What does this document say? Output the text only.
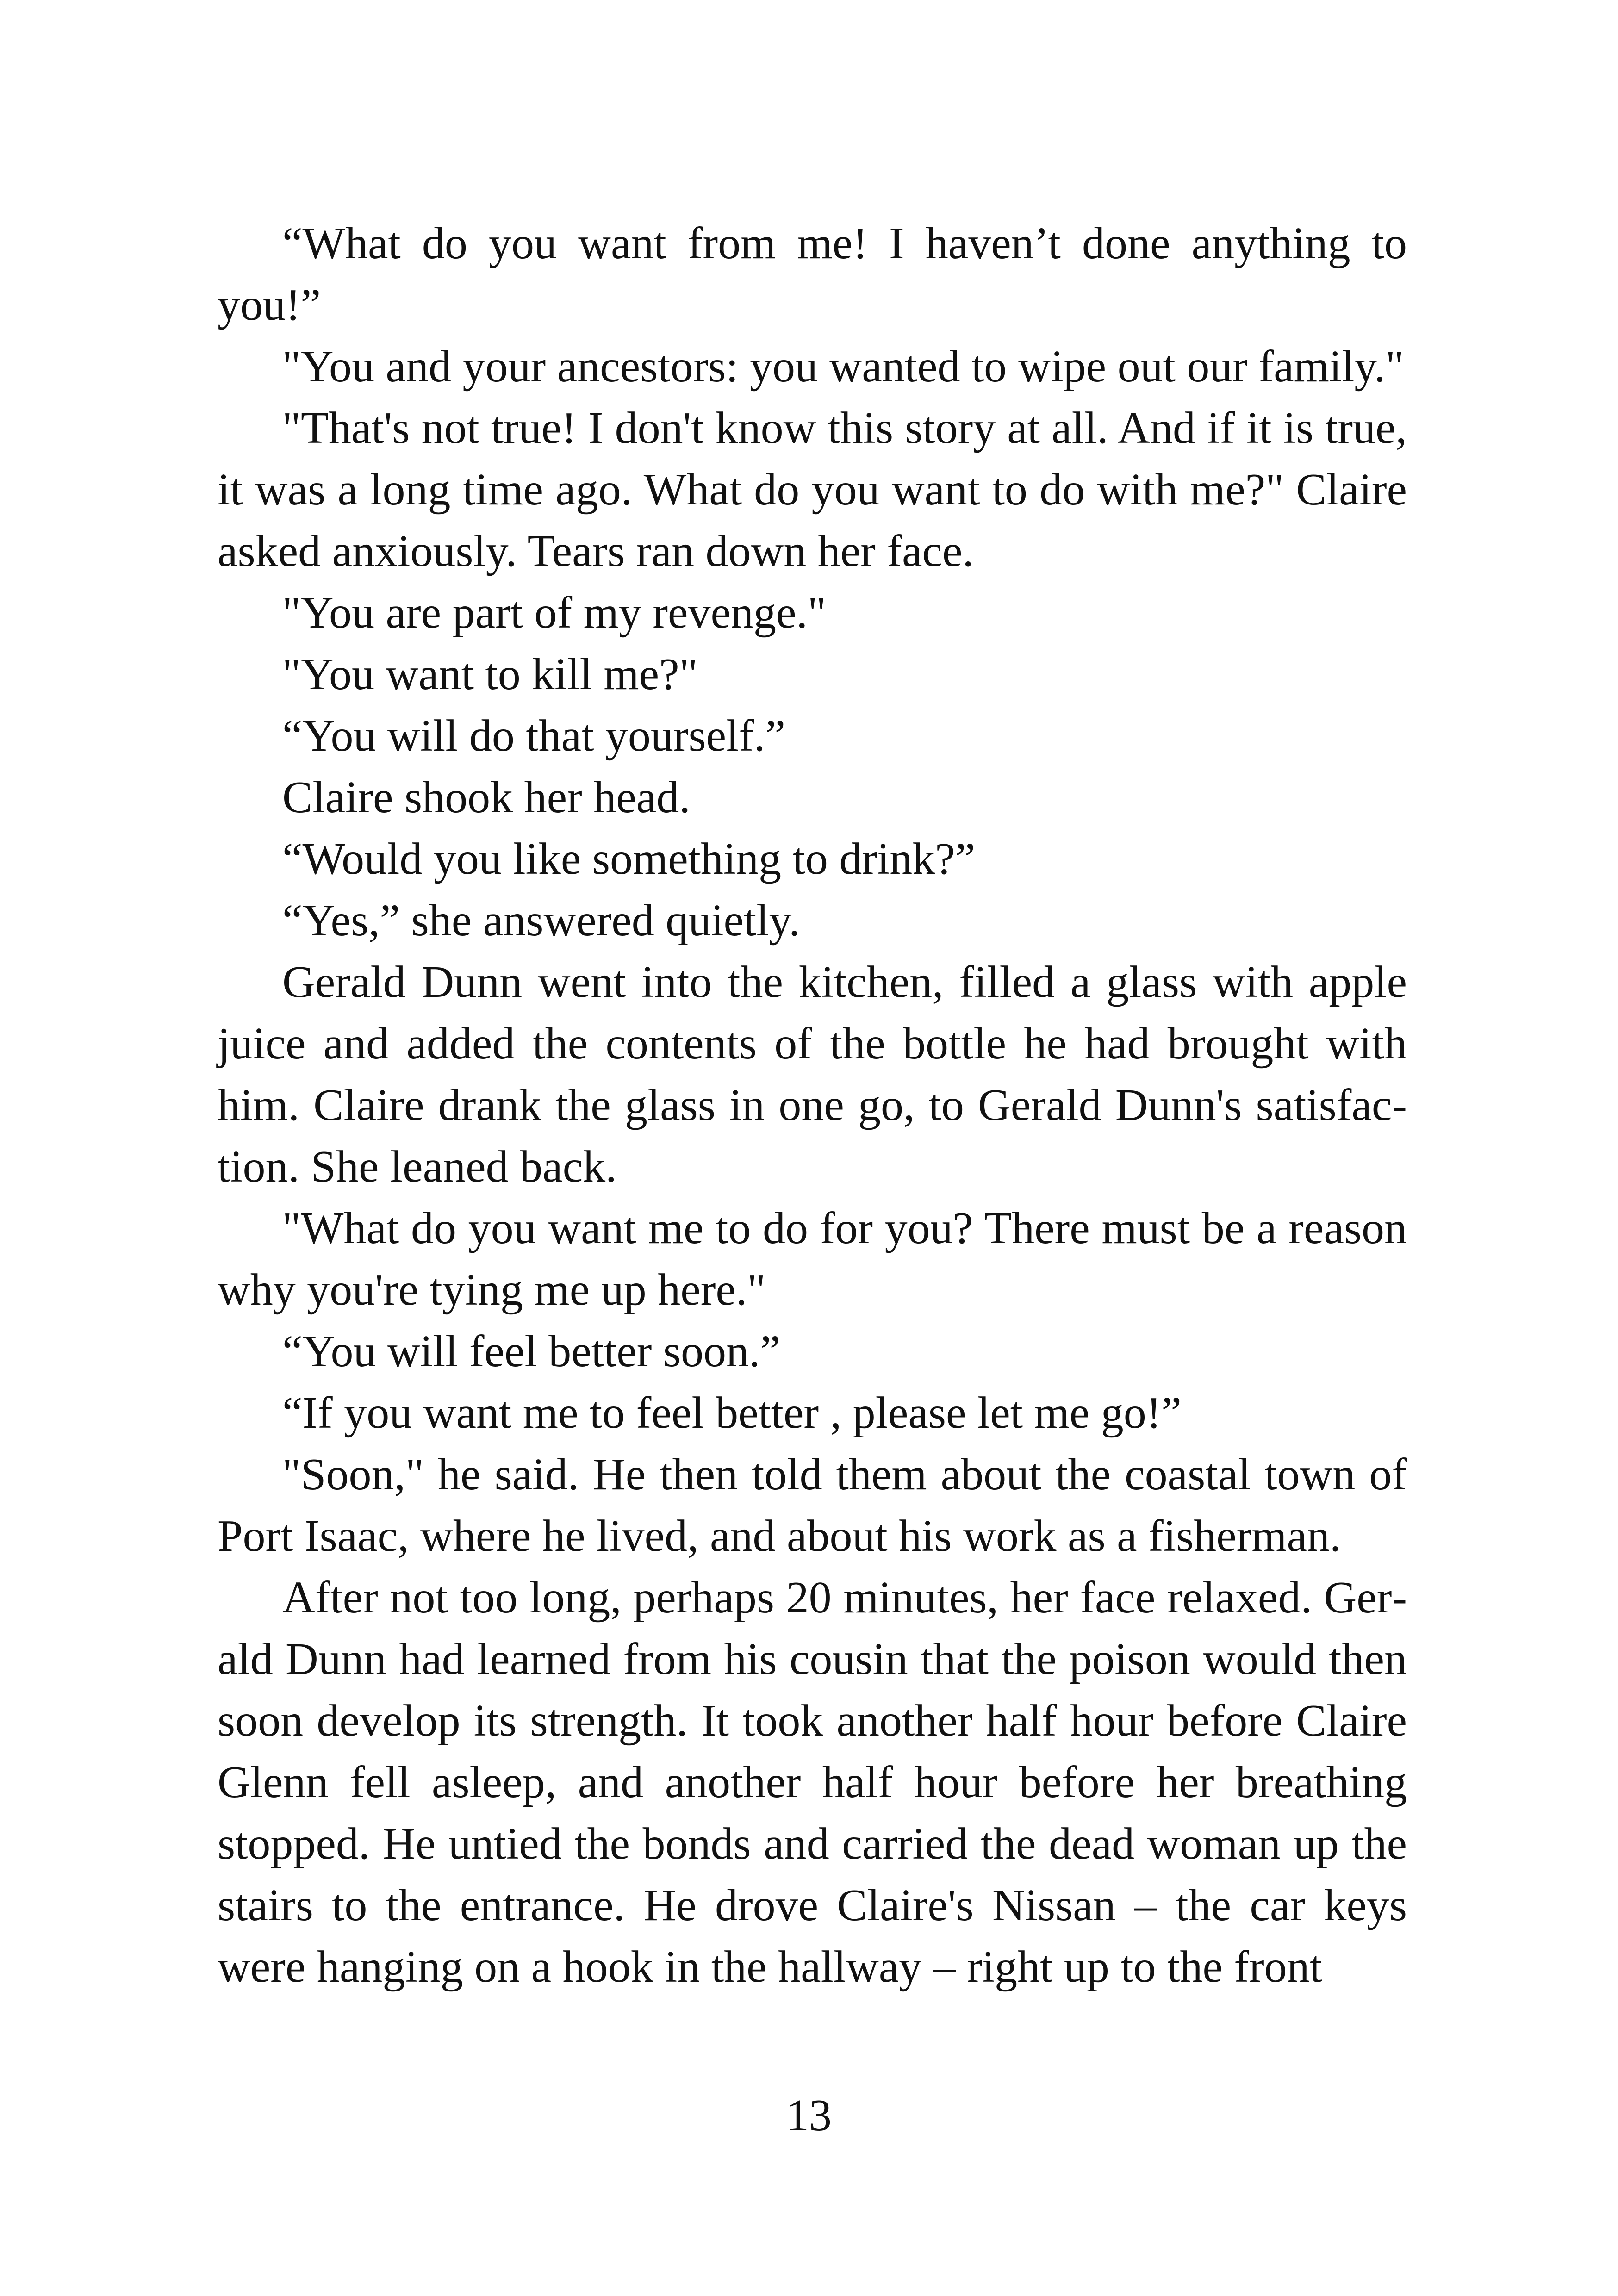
“What do you want from me! I haven’t done anything to you!”

"You and your ancestors: you wanted to wipe out our family."

"That's not true! I don't know this story at all. And if it is true, it was a long time ago. What do you want to do with me?" Claire asked anxiously. Tears ran down her face.

"You are part of my revenge."

"You want to kill me?"

“You will do that yourself.”

Claire shook her head.

“Would you like something to drink?”

“Yes,” she answered quietly.

Gerald Dunn went into the kitchen, filled a glass with apple juice and added the contents of the bottle he had brought with him. Claire drank the glass in one go, to Gerald Dunn's satisfaction. She leaned back.

"What do you want me to do for you? There must be a reason why you're tying me up here."

“You will feel better soon.”

“If you want me to feel better , please let me go!”

"Soon," he said. He then told them about the coastal town of Port Isaac, where he lived, and about his work as a fisherman.

After not too long, perhaps 20 minutes, her face relaxed. Gerald Dunn had learned from his cousin that the poison would then soon develop its strength. It took another half hour before Claire Glenn fell asleep, and another half hour before her breathing stopped. He untied the bonds and carried the dead woman up the stairs to the entrance. He drove Claire's Nissan – the car keys were hanging on a hook in the hallway – right up to the front

13
